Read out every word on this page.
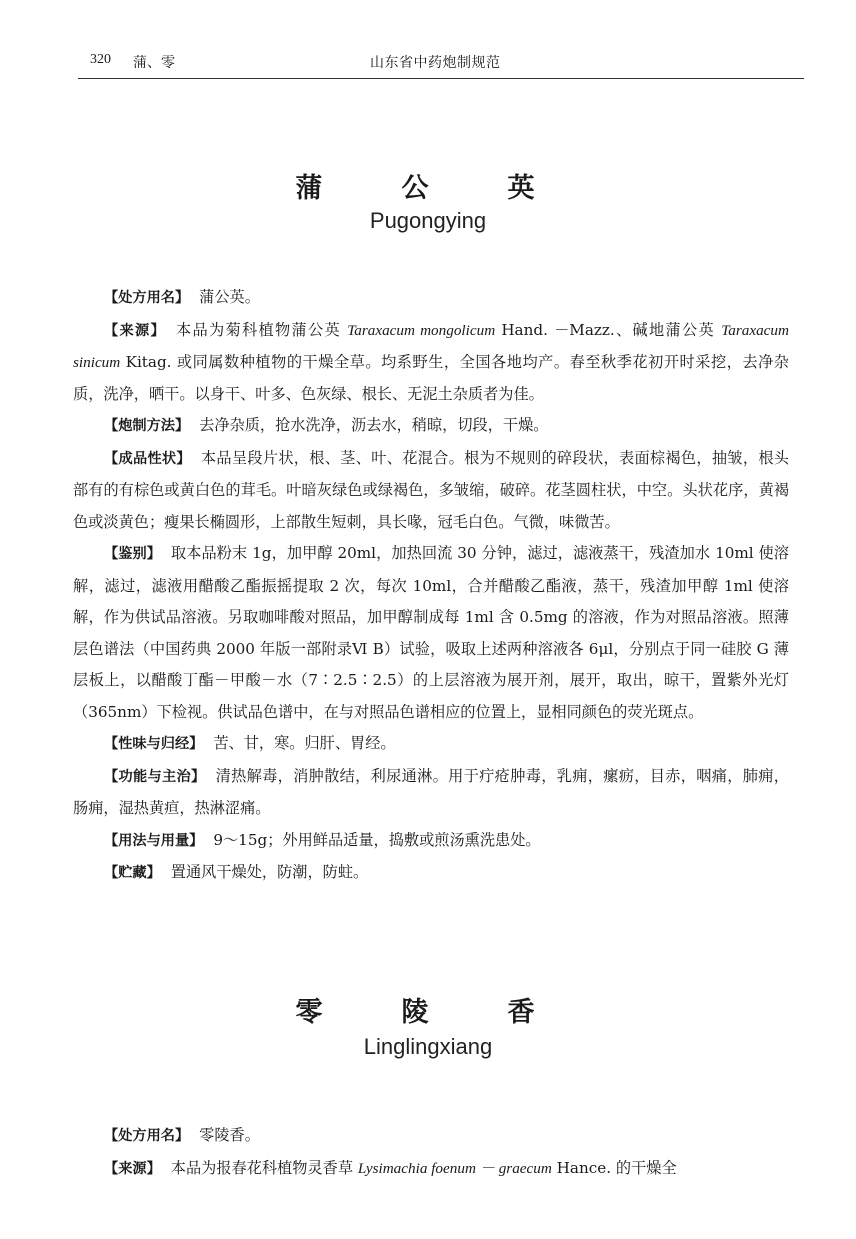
320 蒲、零	山东省中药炮制规范
蒲　公　英
Pugongying

【处方用名】 蒲公英。

【来源】 本品为菊科植物蒲公英 Taraxacum mongolicum Hand. －Mazz.、碱地蒲公英 Taraxacum sinicum Kitag. 或同属数种植物的干燥全草。均系野生，全国各地均产。春至秋季花初开时采挖，去净杂质，洗净，晒干。以身干、叶多、色灰绿、根长、无泥土杂质者为佳。

【炮制方法】 去净杂质，抢水洗净，沥去水，稍晾，切段，干燥。

【成品性状】 本品呈段片状，根、茎、叶、花混合。根为不规则的碎段状，表面棕褐色，抽皱，根头部有的有棕色或黄白色的茸毛。叶暗灰绿色或绿褐色，多皱缩，破碎。花茎圆柱状，中空。头状花序，黄褐色或淡黄色；瘦果长椭圆形，上部散生短刺，具长喙，冠毛白色。气微，味微苦。

【鉴别】 取本品粉末 1g，加甲醇 20ml，加热回流 30 分钟，滤过，滤液蒸干，残渣加水 10ml 使溶解，滤过，滤液用醋酸乙酯振摇提取 2 次，每次 10ml，合并醋酸乙酯液，蒸干，残渣加甲醇 1ml 使溶解，作为供试品溶液。另取咖啡酸对照品，加甲醇制成每 1ml 含 0.5mg 的溶液，作为对照品溶液。照薄层色谱法（中国药典 2000 年版一部附录Ⅵ B）试验，吸取上述两种溶液各 6μl，分别点于同一硅胶 G 薄层板上，以醋酸丁酯－甲酸－水（7∶2.5∶2.5）的上层溶液为展开剂，展开，取出，晾干，置紫外光灯（365nm）下检视。供试品色谱中，在与对照品色谱相应的位置上，显相同颜色的荧光斑点。

【性味与归经】 苦、甘，寒。归肝、胃经。

【功能与主治】 清热解毒，消肿散结，利尿通淋。用于疔疮肿毒，乳痈，瘰疬，目赤，咽痛，肺痈，肠痈，湿热黄疸，热淋涩痛。

【用法与用量】 9～15g；外用鲜品适量，捣敷或煎汤熏洗患处。

【贮藏】 置通风干燥处，防潮，防蛀。

零　陵　香
Linglingxiang

【处方用名】 零陵香。

【来源】 本品为报春花科植物灵香草 Lysimachia foenum － graecum Hance. 的干燥全
